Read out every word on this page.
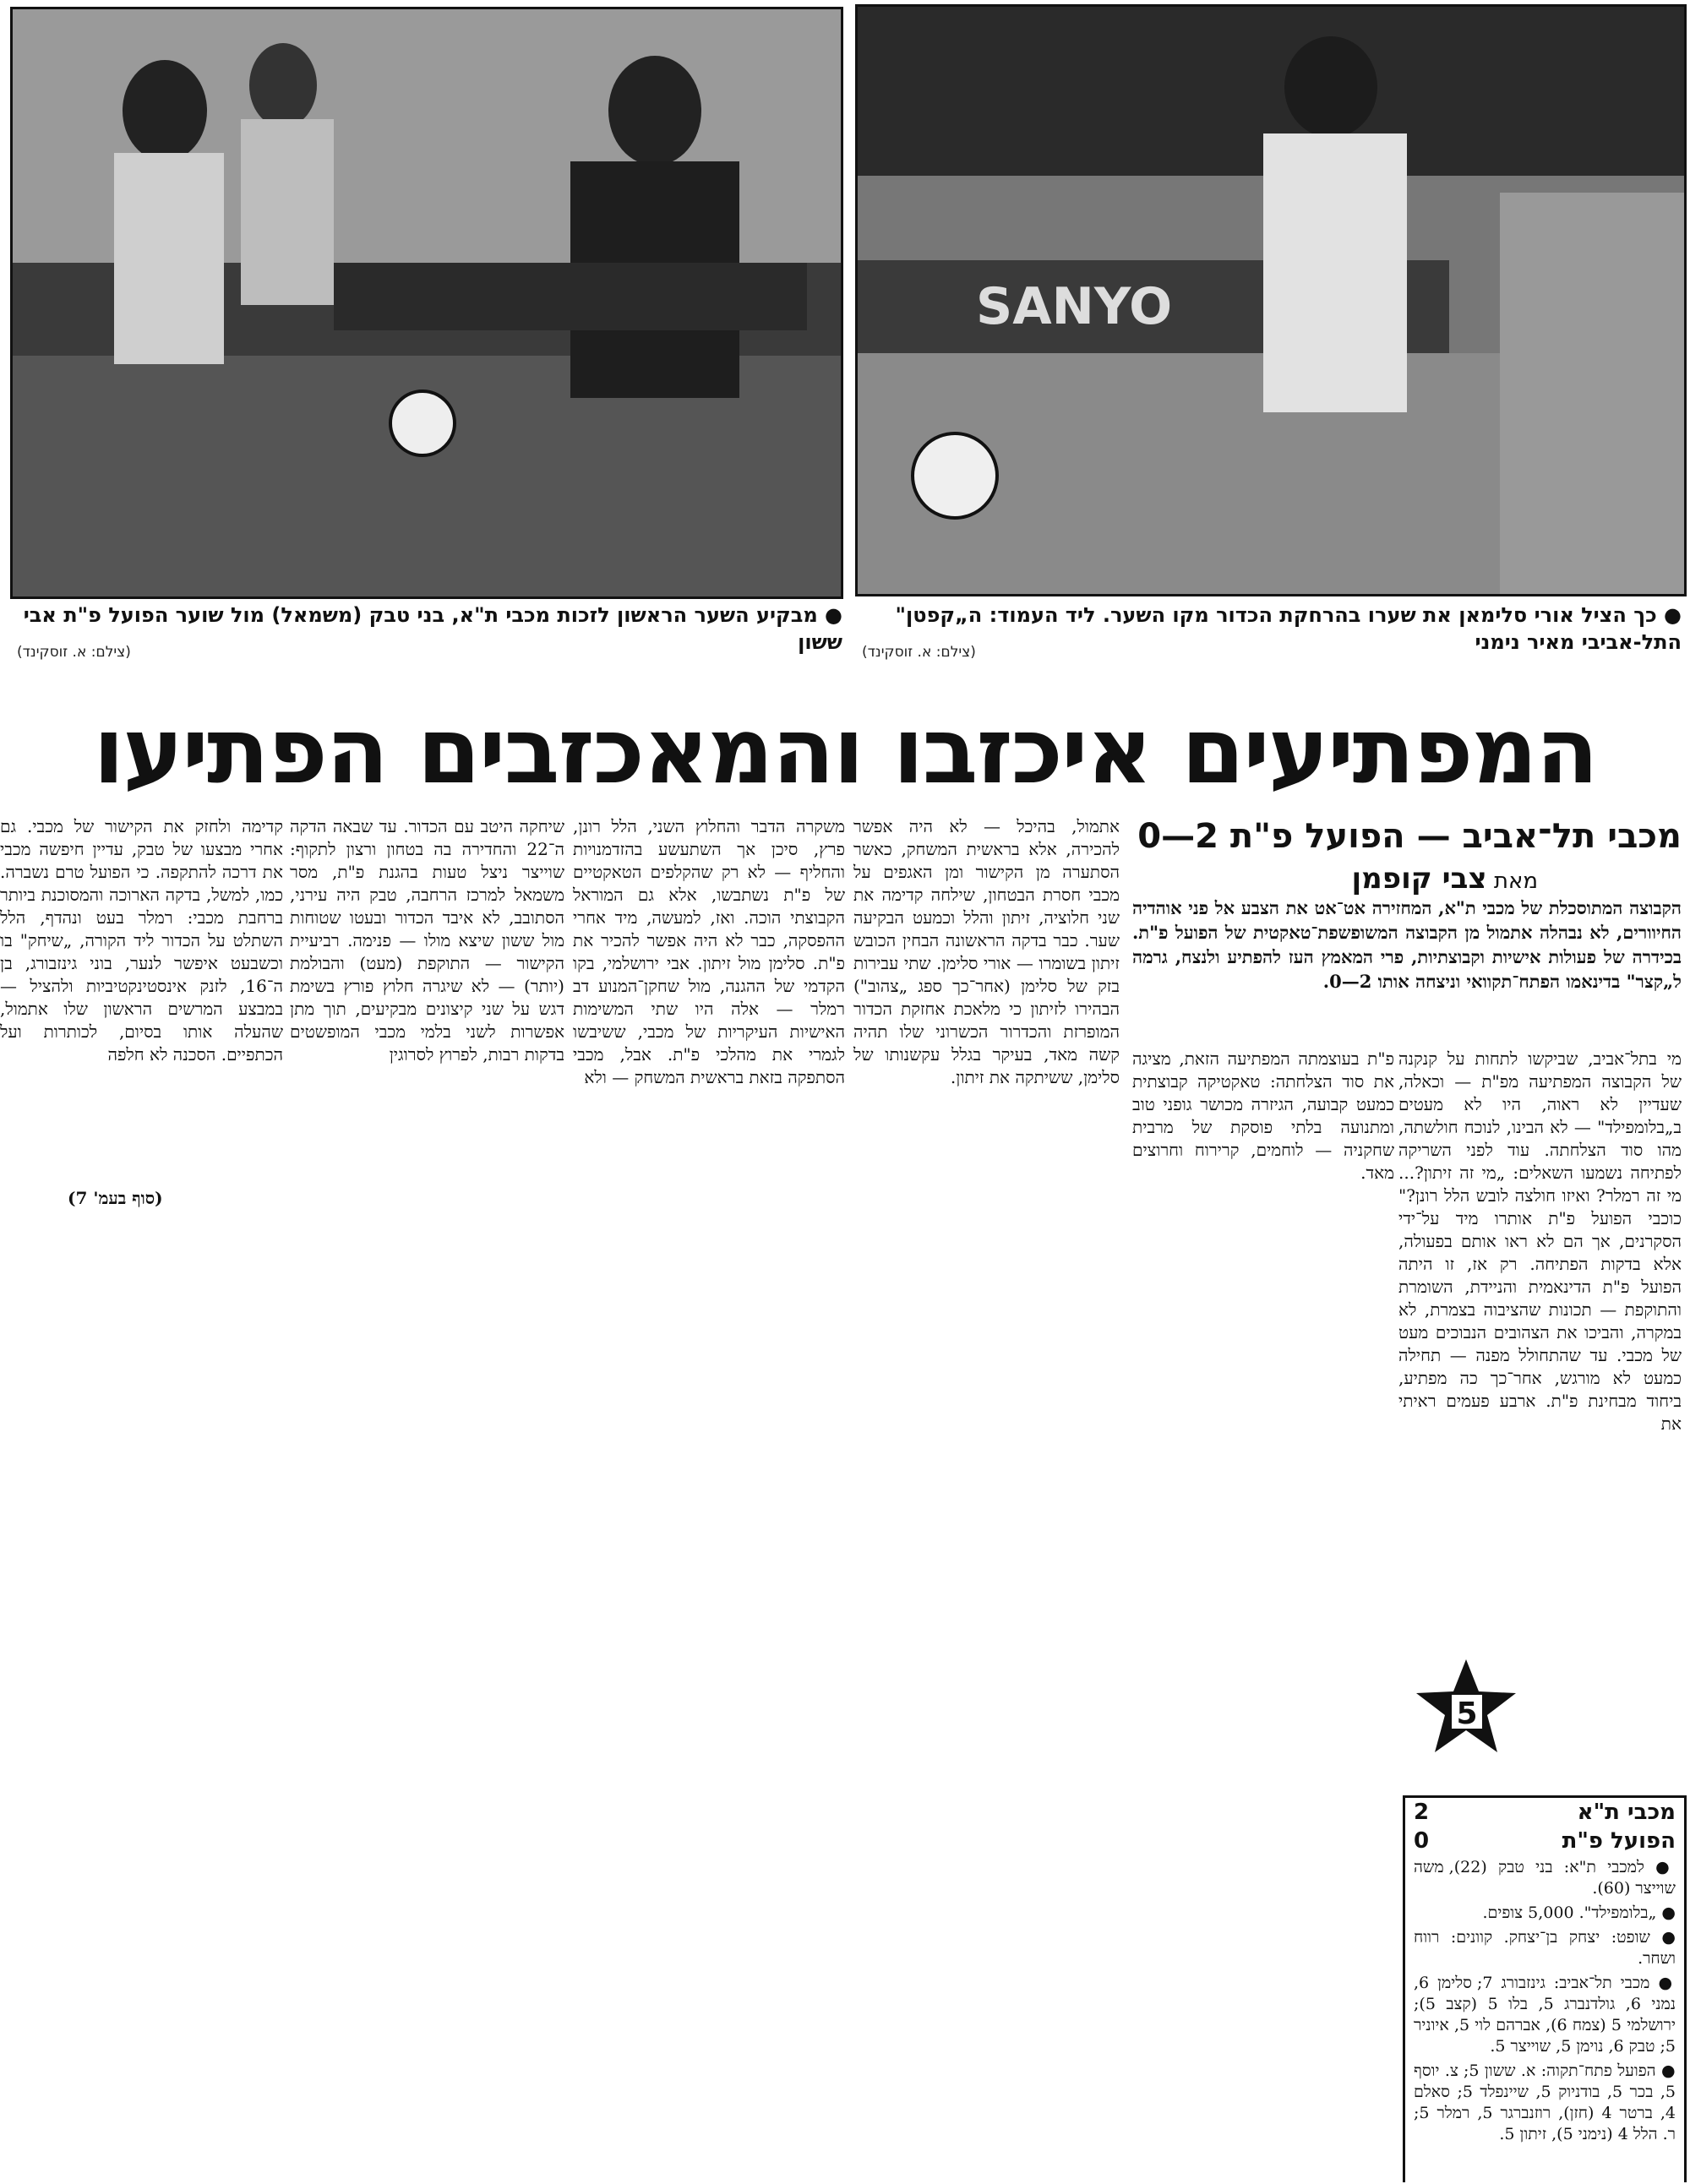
SANYO
● מבקיע השער הראשון לזכות מכבי ת"א, בני טבק (משמאל) מול שוער הפועל פ"ת אבי ששון
(צילם: א. זוסקינד)
● כך הציל אורי סלימאן את שערו בהרחקת הכדור מקו השער. ליד העמוד: ה„קפטן" התל-אביבי מאיר נימני
(צילם: א. זוסקינד)
המפתיעים איכזבו והמאכזבים הפתיעו
מכבי תל־אביב — הפועל פ"ת 2—0
מאת צבי קופמן

הקבוצה המתוסכלת של מכבי ת"א, המחזירה אט־אט את הצבע אל פני אוהדיה החיוורים, לא נבהלה אתמול מן הקבוצה המשופשפת־טאקטית של הפועל פ"ת. בכידרה של פעולות אישיות וקבוצתיות, פרי המאמץ העז להפתיע ולנצח, גרמה ל„קצר" בדינאמו הפתח־תקוואי וניצחה אותו 2—0.

פ"ת בעוצמתה המפתיעה הזאת, מציגה את סוד הצלחתה: טאקטיקה קבוצתית כמעט קבועה, הגיזרה מכושר גופני טוב ומתנועה בלתי פוסקת של מרבית שחקניה — לוחמים, קרירוח וחרוצים מאד.

אתמול, בהיכל — לא היה אפשר להכירה, אלא בראשית המשחק, כאשר הסתערה מן הקישור ומן האגפים על מכבי חסרת הבטחון, שילחה קדימה את שני חלוציה, זיתון והלל וכמעט הבקיעה שער. כבר בדקה הראשונה הבחין הכובש זיתון בשומרו — אורי סלימן. שתי עבירות בזק של סלימן (אחר־כך ספג „צהוב") הבהירו לזיתון כי מלאכת אחזקת הכדור המופרזת והכדרור הכשרוני שלו תהיה קשה מאד, בעיקר בגלל עקשנותו של סלימן, ששיתקה את זיתון.

משקרה הדבר והחלוץ השני, הלל רונן, פרץ, סיכן אך השתעשע בהזדמנויות והחליף — לא רק שהקלפים הטאקטיים של פ"ת נשתבשו, אלא גם המוראל הקבוצתי הוכה. ואז, למעשה, מיד אחרי ההפסקה, כבר לא היה אפשר להכיר את פ"ת. סלימן מול זיתון. אבי ירושלמי, בקו הקדמי של ההגנה, מול שחקן־המנוע דב רמלר — אלה היו שתי המשימות האישיות העיקריות של מכבי, ששיבשו לגמרי את מהלכי פ"ת. אבל, מכבי הסתפקה בזאת בראשית המשחק — ולא

שיחקה היטב עם הכדור. עד שבאה הדקה ה־22 והחדירה בה בטחון ורצון לתקוף: שוייצר ניצל טעות בהגנת פ"ת, מסר משמאל למרכז הרחבה, טבק היה עירני, הסתובב, לא איבד הכדור ובעטו שטוחות מול ששון שיצא מולו — פנימה. רביעיית הקישור — התוקפת (מעט) והבולמת (יותר) — לא שיגרה חלוץ פורץ בשימת דגש על שני קיצונים מבקיעים, תוך מתן אפשרות לשני בלמי מכבי המופשטים בדקות רבות, לפרוץ לסרוגין

קדימה ולחזק את הקישור של מכבי. גם אחרי מבצעו של טבק, עדיין חיפשה מכבי את דרכה להתקפה. כי הפועל טרם נשברה. כמו, למשל, בדקה הארוכה והמסוכנת ביותר ברחבת מכבי: רמלר בעט ונהדף, הלל השתלט על הכדור ליד הקורה, „שיחק" בו וכשבעט איפשר לנער, בוני גינזבורג, בן ה־16, לזנק אינסטינקטיביות ולהציל — במבצע המרשים הראשון שלו אתמול, שהעלה אותו בסיום, לכותרות ועל הכתפיים. הסכנה לא חלפה

(סוף בעמ' 7)

מי בתל־אביב, שביקשו לתחות על קנקנה של הקבוצה המפתיעה מפ"ת — וכאלה, שעדיין לא ראוה, היו לא מעטים ב„בלומפילד" — לא הבינו, לנוכח חולשתה, מהו סוד הצלחתה. עוד לפני השריקה לפתיחה נשמעו השאלים: „מי זה זיתון?... מי זה רמלר? ואיזו חולצה לובש הלל רונן?" כוכבי הפועל פ"ת אותרו מיד על־ידי הסקרנים, אך הם לא ראו אותם בפעולה, אלא בדקות הפתיחה. רק אז, זו היתה הפועל פ"ת הדינאמית והניידת, השומרת והתוקפת — תכונות שהציבוה בצמרת, לא במקרה, והביכו את הצהובים הנבוכים מעט של מכבי. עד שהתחולל מפנה — תחילה כמעט לא מורגש, אחר־כך כה מפתיע, ביחוד מבחינת פ"ת. ארבע פעמים ראיתי את

5
מכבי ת"א
2
הפועל פ"ת
0

● למכבי ת"א: בני טבק (22), משה שוייצר (60).

● „בלומפילד". 5,000 צופים.

● שופט: יצחק בן־יצחק. קוונים: רווח ושחר.

● מכבי תל־אביב: גינזבורג 7; סלימן 6, נמני 6, גולדנברג 5, בלו 5 (קצב 5); ירושלמי 5 (צמח 6), אברהם לוי 5, איוניר 5; טבק 6, נוימן 5, שוייצר 5.

● הפועל פתח־תקוה: א. ששון 5; צ. יוסף 5, בכר 5, בודניוק 5, שיינפלד 5; סאלם 4, ברטר 4 (חזן), רוזנברגר 5, רמלר 5; ר. הלל 4 (נימני 5), זיתון 5.
